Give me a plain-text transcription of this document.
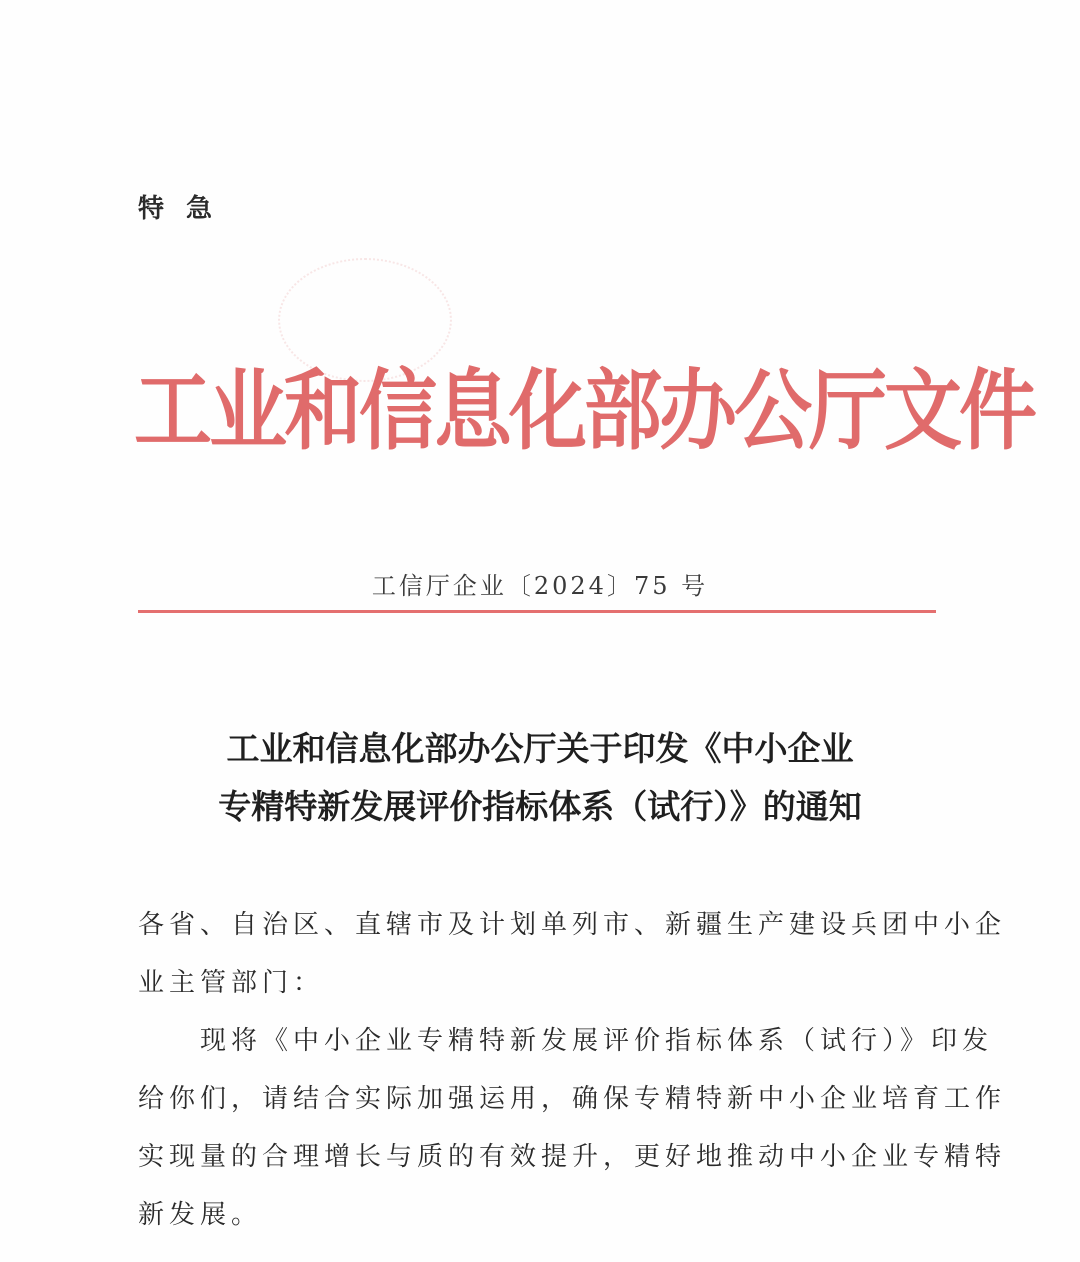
特急
工业和信息化部办公厅文件
工信厅企业〔2024〕75 号
工业和信息化部办公厅关于印发《中小企业
专精特新发展评价指标体系（试行）》的通知
各省、自治区、直辖市及计划单列市、新疆生产建设兵团中小企
业主管部门：
现将《中小企业专精特新发展评价指标体系（试行）》印发
给你们，请结合实际加强运用，确保专精特新中小企业培育工作
实现量的合理增长与质的有效提升，更好地推动中小企业专精特
新发展。
